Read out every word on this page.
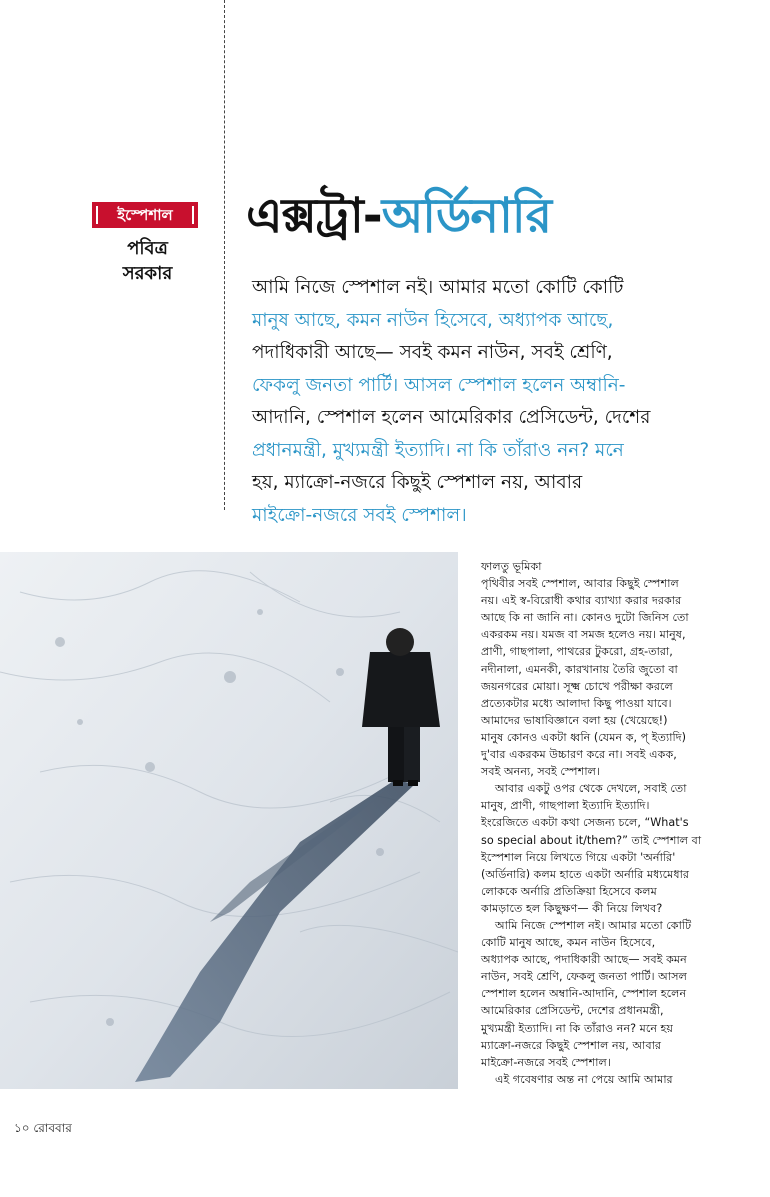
ইস্পেশাল
পবিত্র
সরকার
এক্সট্রা-অর্ডিনারি
আমি নিজে স্পেশাল নই। আমার মতো কোটি কোটি
মানুষ আছে, কমন নাউন হিসেবে, অধ্যাপক আছে,
পদাধিকারী আছে— সবই কমন নাউন, সবই শ্রেণি,
ফেকলু জনতা পার্টি। আসল স্পেশাল হলেন অম্বানি-
আদানি, স্পেশাল হলেন আমেরিকার প্রেসিডেন্ট, দেশের
প্রধানমন্ত্রী, মুখ্যমন্ত্রী ইত্যাদি। না কি তাঁরাও নন? মনে
হয়, ম্যাক্রো-নজরে কিছুই স্পেশাল নয়, আবার
মাইক্রো-নজরে সবই স্পেশাল।
ফালতু ভূমিকা
পৃথিবীর সবই স্পেশাল, আবার কিছুই স্পেশাল
নয়। এই স্ব-বিরোধী কথার ব্যাখ্যা করার দরকার
আছে কি না জানি না। কোনও দুটো জিনিস তো
একরকম নয়। যমজ বা সমজ হলেও নয়। মানুষ,
প্রাণী, গাছপালা, পাথরের টুকরো, গ্রহ-তারা,
নদীনালা, এমনকী, কারখানায় তৈরি জুতো বা
জয়নগরের মোয়া। সূক্ষ্ম চোখে পরীক্ষা করলে
প্রত্যেকটার মধ্যে আলাদা কিছু পাওয়া যাবে।
আমাদের ভাষাবিজ্ঞানে বলা হয় (খেয়েছে!)
মানুষ কোনও একটা ধ্বনি (যেমন ক, প্‌ ইত্যাদি)
দু'বার একরকম উচ্চারণ করে না। সবই একক,
সবই অনন্য, সবই স্পেশাল।
আবার একটু ওপর থেকে দেখলে, সবাই তো
মানুষ, প্রাণী, গাছপালা ইত্যাদি ইত্যাদি।
ইংরেজিতে একটা কথা সেজন্য চলে, “What's
so special about it/them?” তাই স্পেশাল বা
ইস্পেশাল নিয়ে লিখতে গিয়ে একটা 'অর্নারি'
(অর্ডিনারি) কলম হাতে একটা অর্নারি মধ্যমেধার
লোককে অর্নারি প্রতিক্রিয়া হিসেবে কলম
কামড়াতে হল কিছুক্ষণ— কী নিয়ে লিখব?
আমি নিজে স্পেশাল নই। আমার মতো কোটি
কোটি মানুষ আছে, কমন নাউন হিসেবে,
অধ্যাপক আছে, পদাধিকারী আছে— সবই কমন
নাউন, সবই শ্রেণি, ফেকলু জনতা পার্টি। আসল
স্পেশাল হলেন অম্বানি-আদানি, স্পেশাল হলেন
আমেরিকার প্রেসিডেন্ট, দেশের প্রধানমন্ত্রী,
মুখ্যমন্ত্রী ইত্যাদি। না কি তাঁরাও নন? মনে হয়
ম্যাক্রো-নজরে কিছুই স্পেশাল নয়, আবার
মাইক্রো-নজরে সবই স্পেশাল।
এই গবেষণার অন্ত না পেয়ে আমি আমার
১০ রোববার
